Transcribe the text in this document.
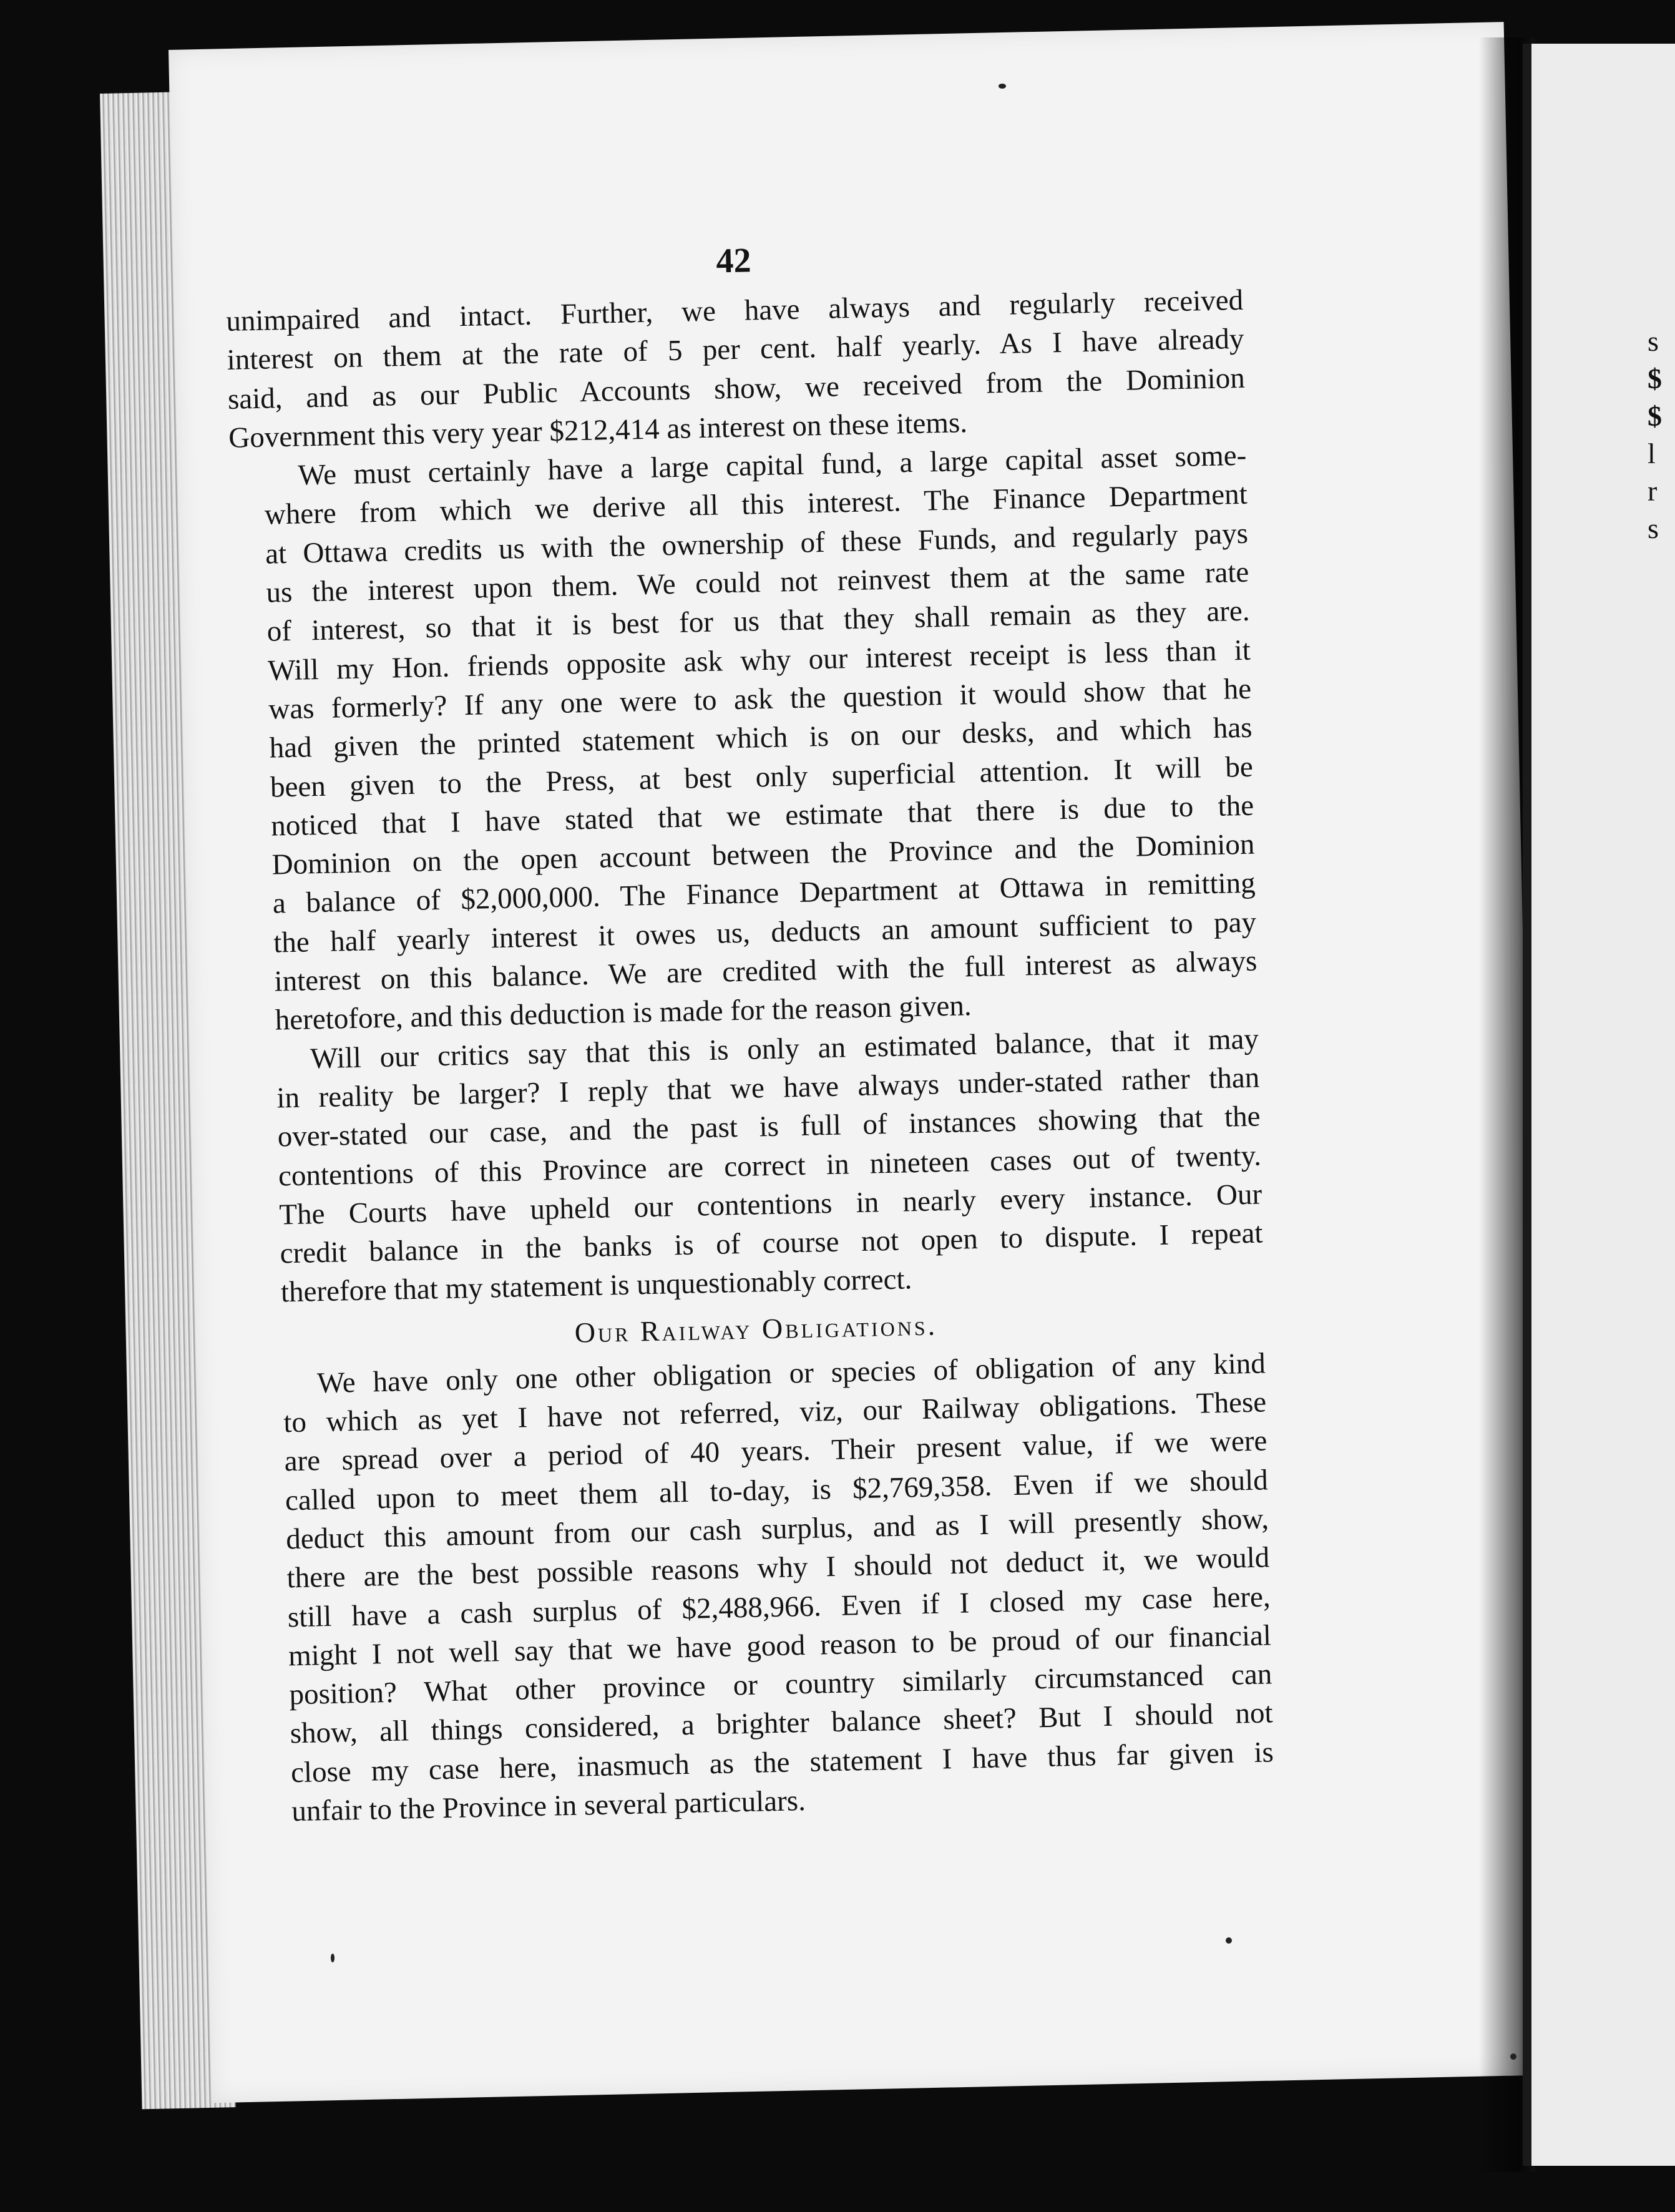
s
$
$
l
r
s
42
unimpaired and intact. Further, we have always and regularly received
interest on them at the rate of 5 per cent. half yearly. As I have already
said, and as our Public Accounts show, we received from the Dominion
Government this very year $212,414 as interest on these items.
We must certainly have a large capital fund, a large capital asset some-
where from which we derive all this interest. The Finance Department
at Ottawa credits us with the ownership of these Funds, and regularly pays
us the interest upon them. We could not reinvest them at the same rate
of interest, so that it is best for us that they shall remain as they are.
Will my Hon. friends opposite ask why our interest receipt is less than it
was formerly? If any one were to ask the question it would show that he
had given the printed statement which is on our desks, and which has
been given to the Press, at best only superficial attention. It will be
noticed that I have stated that we estimate that there is due to the
Dominion on the open account between the Province and the Dominion
a balance of $2,000,000. The Finance Department at Ottawa in remitting
the half yearly interest it owes us, deducts an amount sufficient to pay
interest on this balance. We are credited with the full interest as always
heretofore, and this deduction is made for the reason given.
Will our critics say that this is only an estimated balance, that it may
in reality be larger? I reply that we have always under-stated rather than
over-stated our case, and the past is full of instances showing that the
contentions of this Province are correct in nineteen cases out of twenty.
The Courts have upheld our contentions in nearly every instance. Our
credit balance in the banks is of course not open to dispute. I repeat
therefore that my statement is unquestionably correct.
Our Railway Obligations.
We have only one other obligation or species of obligation of any kind
to which as yet I have not referred, viz, our Railway obligations. These
are spread over a period of 40 years. Their present value, if we were
called upon to meet them all to-day, is $2,769,358. Even if we should
deduct this amount from our cash surplus, and as I will presently show,
there are the best possible reasons why I should not deduct it, we would
still have a cash surplus of $2,488,966. Even if I closed my case here,
might I not well say that we have good reason to be proud of our financial
position? What other province or country similarly circumstanced can
show, all things considered, a brighter balance sheet? But I should not
close my case here, inasmuch as the statement I have thus far given is
unfair to the Province in several particulars.
